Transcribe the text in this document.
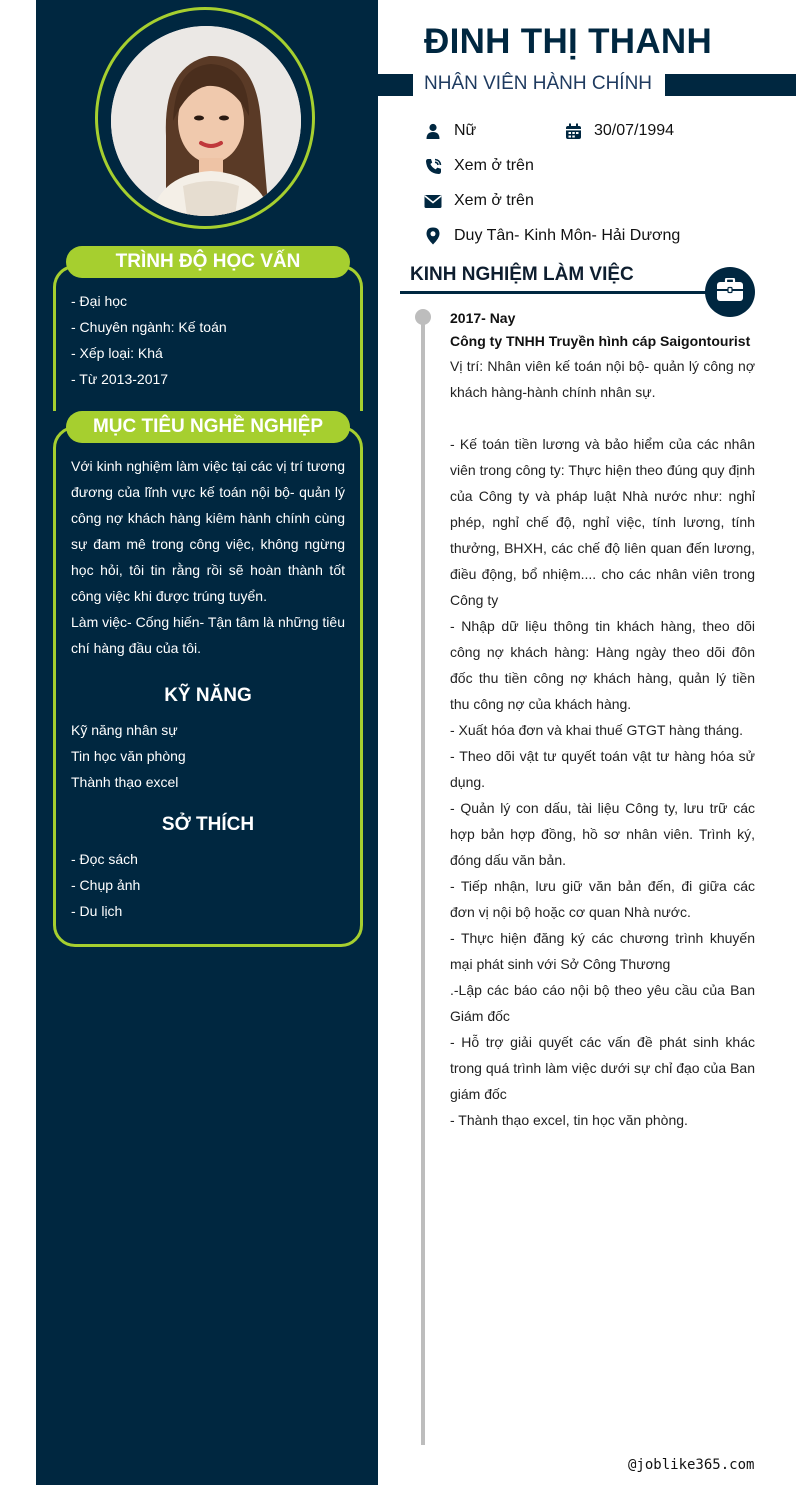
TRÌNH ĐỘ HỌC VẤN
- Đại học
- Chuyên ngành: Kế toán
- Xếp loại: Khá
- Từ 2013-2017
MỤC TIÊU NGHỀ NGHIỆP

Với kinh nghiệm làm việc tại các vị trí tương đương của lĩnh vực kế toán nội bộ- quản lý công nợ khách hàng kiêm hành chính cùng sự đam mê trong công việc, không ngừng học hỏi, tôi tin rằng rồi sẽ hoàn thành tốt công việc khi được trúng tuyển.

Làm việc- Cống hiến- Tận tâm là những tiêu chí hàng đầu của tôi.

KỸ NĂNG
Kỹ năng nhân sự
Tin học văn phòng
Thành thạo excel
SỞ THÍCH
- Đọc sách
- Chụp ảnh
- Du lịch
ĐINH THỊ THANH
NHÂN VIÊN HÀNH CHÍNH
Nữ	30/07/1994
Xem ở trên
Xem ở trên
Duy Tân- Kinh Môn- Hải Dương
KINH NGHIỆM LÀM VIỆC
2017- Nay
Công ty TNHH Truyền hình cáp Saigontourist

Vị trí: Nhân viên kế toán nội bộ- quản lý công nợ khách hàng-hành chính nhân sự.

- Kế toán tiền lương và bảo hiểm của các nhân viên trong công ty: Thực hiện theo đúng quy định của Công ty và pháp luật Nhà nước như: nghỉ phép, nghỉ chế độ, nghỉ việc, tính lương, tính thưởng, BHXH, các chế độ liên quan đến lương, điều động, bổ nhiệm.... cho các nhân viên trong Công ty

- Nhập dữ liệu thông tin khách hàng, theo dõi công nợ khách hàng: Hàng ngày theo dõi đôn đốc thu tiền công nợ khách hàng, quản lý tiền thu công nợ của khách hàng.

- Xuất hóa đơn và khai thuế GTGT hàng tháng.

- Theo dõi vật tư quyết toán vật tư hàng hóa sử dụng.

- Quản lý con dấu, tài liệu Công ty, lưu trữ các hợp bản hợp đồng, hồ sơ nhân viên. Trình ký, đóng dấu văn bản.

- Tiếp nhận, lưu giữ văn bản đến, đi giữa các đơn vị nội bộ hoặc cơ quan Nhà nước.

- Thực hiện đăng ký các chương trình khuyến mại phát sinh với Sở Công Thương

.-Lập các báo cáo nội bộ theo yêu cầu của Ban Giám đốc

- Hỗ trợ giải quyết các vấn đề phát sinh khác trong quá trình làm việc dưới sự chỉ đạo của Ban giám đốc

- Thành thạo excel, tin học văn phòng.

@joblike365.com
